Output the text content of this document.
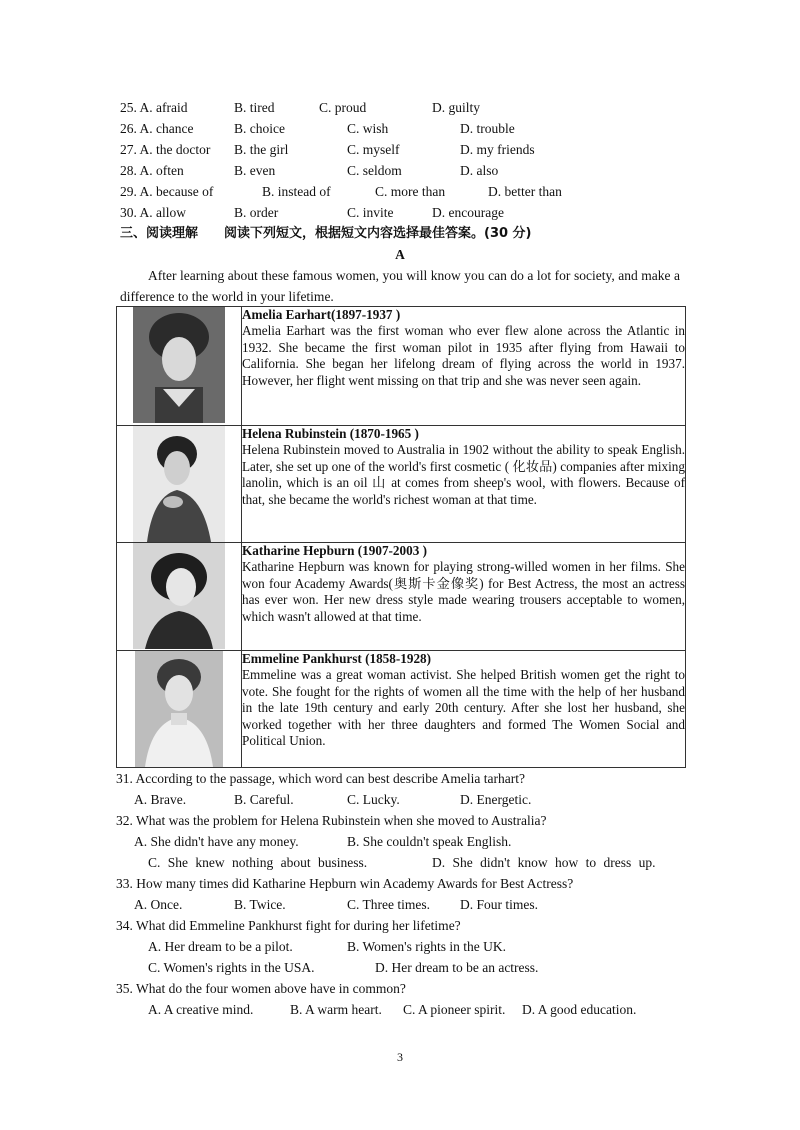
25. A. afraid	B. tired	C. proud	D. guilty
26. A. chance	B. choice	C. wish	D. trouble
27. A. the doctor B. the girl	C. myself	D. my friends
28. A. often	B. even	C. seldom	D. also
29. A. because of	B. instead of	C. more than	D. better than
30. A. allow	B. order	C. invite	D. encourage
三、阅读理解　　阅读下列短文，根据短文内容选择最佳答案。(30 分)
A
After learning about these famous women, you will know you can do a lot for society, and make a difference to the world in your lifetime.

Amelia Earhart(1897-1937 )
Amelia Earhart was the first woman who ever flew alone across the Atlantic in 1932. She became the first woman pilot in 1935 after flying from Hawaii to California. She began her lifelong dream of flying across the world in 1937. However, her flight went missing on that trip and she was never seen again.

Helena Rubinstein (1870-1965 )
Helena Rubinstein moved to Australia in 1902 without the ability to speak English. Later, she set up one of the world's first cosmetic ( 化妆品) companies after mixing lanolin, which is an oil 山 at comes from sheep's wool, with flowers. Because of that, she became the world's richest woman at that time.

Katharine Hepburn (1907-2003 )
Katharine Hepburn was known for playing strong-willed women in her films. She won four Academy Awards(奥斯卡金像奖) for Best Actress, the most an actress has ever won. Her new dress style made wearing trousers acceptable to women, which wasn't allowed at that time.

Emmeline Pankhurst (1858-1928)
Emmeline was a great woman activist. She helped British women get the right to vote. She fought for the rights of women all the time with the help of her husband in the late 19th century and early 20th century. After she lost her husband, she worked together with her three daughters and formed The Women Social and Political Union.
31. According to the passage, which word can best describe Amelia tarhart?
A. Brave.	B. Careful.	C. Lucky.	D. Energetic.
32. What was the problem for Helena Rubinstein when she moved to Australia?
A. She didn't have any money.	B. She couldn't speak English.
C. She knew nothing about business.	D. She didn't know how to dress up.
33. How many times did Katharine Hepburn win Academy Awards for Best Actress?
A. Once.	B. Twice.	C. Three times. D. Four times.
34. What did Emmeline Pankhurst fight for during her lifetime?
A. Her dream to be a pilot.	B. Women's rights in the UK.
C. Women's rights in the USA.	D. Her dream to be an actress.
35. What do the four women above have in common?
A. A creative mind.	B. A warm heart. C. A pioneer spirit. D. A good education.
3
